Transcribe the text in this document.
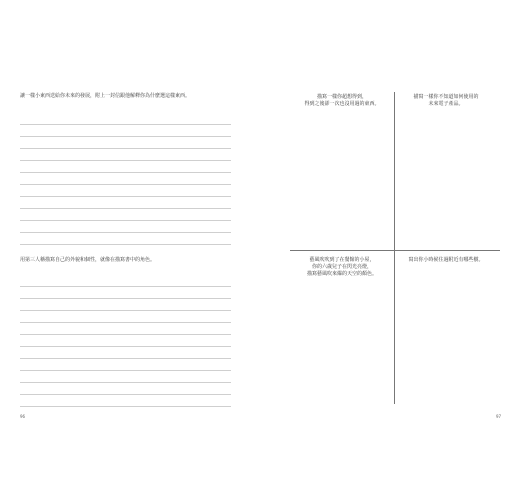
讓一樣小東西送給你未來的發展，附上一封信跟他解釋你為什麼選這樣東西。
用第三人稱描寫自己的外貌和個性，就像在描寫書中的角色。
96
描寫一樣你超想得到，
得到之後卻一次也沒用過的東西。
描寫一樣你不知道如何使用的
未來電子產品。
藝風吹吹到了在餐館的小屋，
你的六歲兒子在閃光亮燈，
描寫藝風吹來爆的天空的顏色。
寫出你小時候住過附近有哪些樹。
97
